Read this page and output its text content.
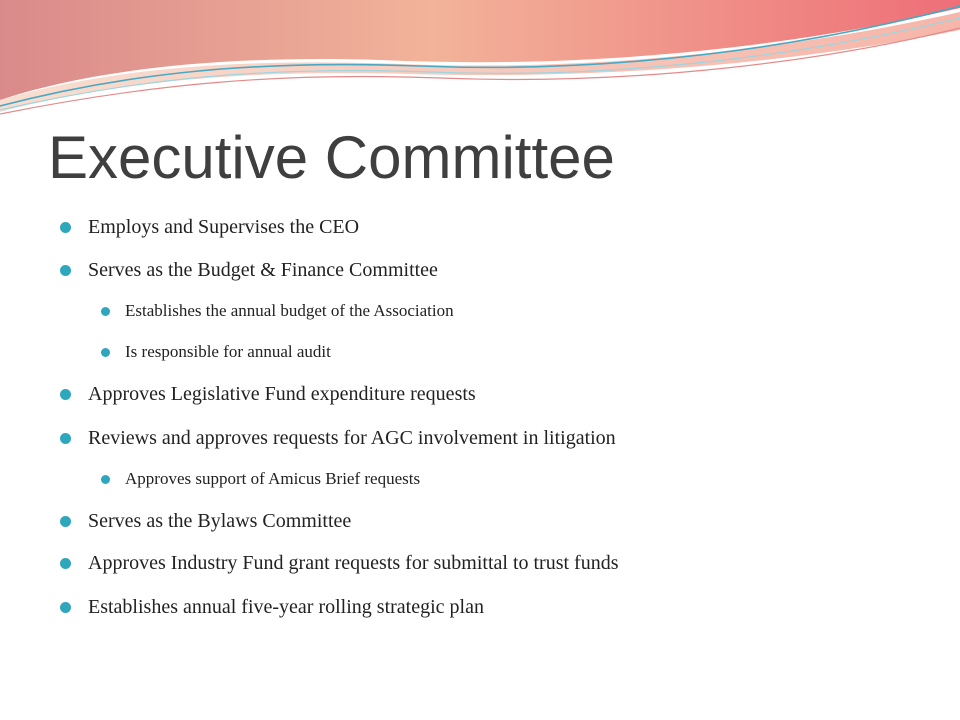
Executive Committee
Employs and Supervises the CEO
Serves as the Budget & Finance Committee
Establishes the annual budget of the Association
Is responsible for annual audit
Approves Legislative Fund expenditure requests
Reviews and approves requests for AGC involvement in litigation
Approves support of Amicus Brief requests
Serves as the Bylaws Committee
Approves Industry Fund grant requests for submittal to trust funds
Establishes annual five-year rolling strategic plan
